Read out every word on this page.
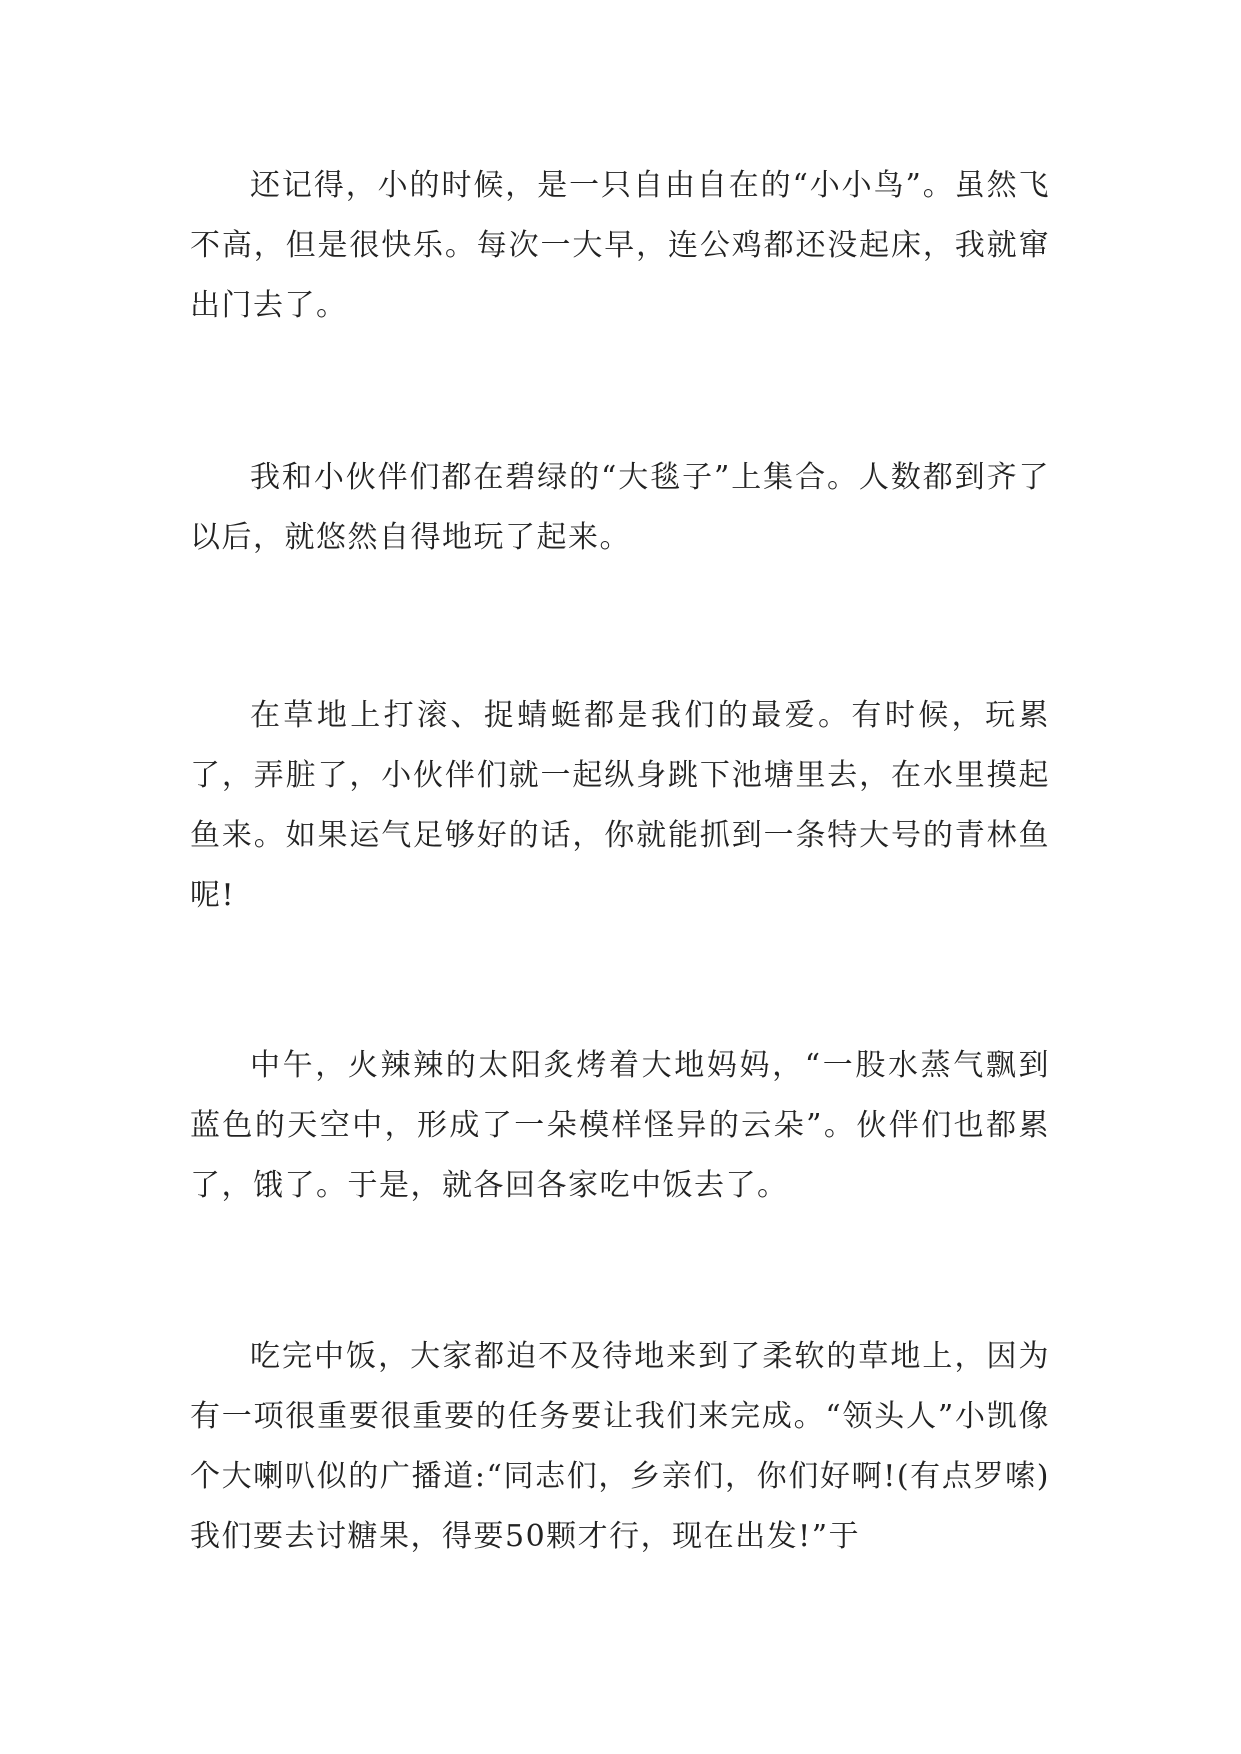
还记得，小的时候，是一只自由自在的“小小鸟”。虽然飞不高，但是很快乐。每次一大早，连公鸡都还没起床，我就窜出门去了。

我和小伙伴们都在碧绿的“大毯子”上集合。人数都到齐了以后，就悠然自得地玩了起来。

在草地上打滚、捉蜻蜓都是我们的最爱。有时候，玩累了，弄脏了，小伙伴们就一起纵身跳下池塘里去，在水里摸起鱼来。如果运气足够好的话，你就能抓到一条特大号的青林鱼呢!

中午，火辣辣的太阳炙烤着大地妈妈，“一股水蒸气飘到蓝色的天空中，形成了一朵模样怪异的云朵”。伙伴们也都累了，饿了。于是，就各回各家吃中饭去了。

吃完中饭，大家都迫不及待地来到了柔软的草地上，因为有一项很重要很重要的任务要让我们来完成。“领头人”小凯像个大喇叭似的广播道:“同志们，乡亲们，你们好啊!(有点罗嗦)我们要去讨糖果，得要50颗才行，现在出发!”于
